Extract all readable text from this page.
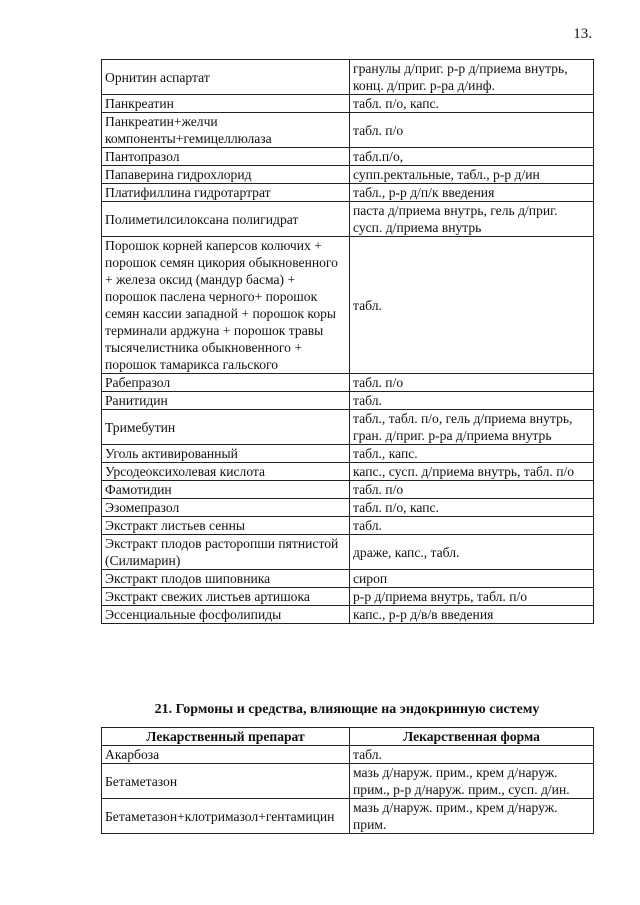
13.
Орнитин аспартат	гранулы д/приг. р-р д/приема внутрь, конц. д/приг. р-ра д/инф.
Панкреатин	табл. п/о, капс.
Панкреатин+желчи компоненты+гемицеллюлаза	табл. п/о
Пантопразол	табл.п/о,
Папаверина гидрохлорид	супп.ректальные, табл., р-р д/ин
Платифиллина гидротартрат	табл., р-р д/п/к введения
Полиметилсилоксана полигидрат	паста д/приема внутрь, гель д/приг. сусп. д/приема внутрь
Порошок корней каперсов колючих + порошок семян цикория обыкновенного + железа оксид (мандур басма) + порошок паслена черного+ порошок семян кассии западной + порошок коры терминали арджуна + порошок травы тысячелистника обыкновенного + порошок тамарикса гальского	табл.
Рабепразол	табл. п/о
Ранитидин	табл.
Тримебутин	табл., табл. п/о, гель д/приема внутрь, гран. д/приг. р-ра д/приема внутрь
Уголь активированный	табл., капс.
Урсодеоксихолевая кислота	капс., сусп. д/приема внутрь, табл. п/о
Фамотидин	табл. п/о
Эзомепразол	табл. п/о, капс.
Экстракт листьев сенны	табл.
Экстракт плодов расторопши пятнистой (Силимарин)	драже, капс., табл.
Экстракт плодов шиповника	сироп
Экстракт свежих листьев артишока	р-р д/приема внутрь, табл. п/о
Эссенциальные фосфолипиды	капс., р-р д/в/в введения
21. Гормоны и средства, влияющие на эндокринную систему
Лекарственный препарат	Лекарственная форма
Акарбоза	табл.
Бетаметазон	мазь д/наруж. прим., крем д/наруж. прим., р-р д/наруж. прим., сусп. д/ин.
Бетаметазон+клотримазол+гентамицин	мазь д/наруж. прим., крем д/наруж. прим.
